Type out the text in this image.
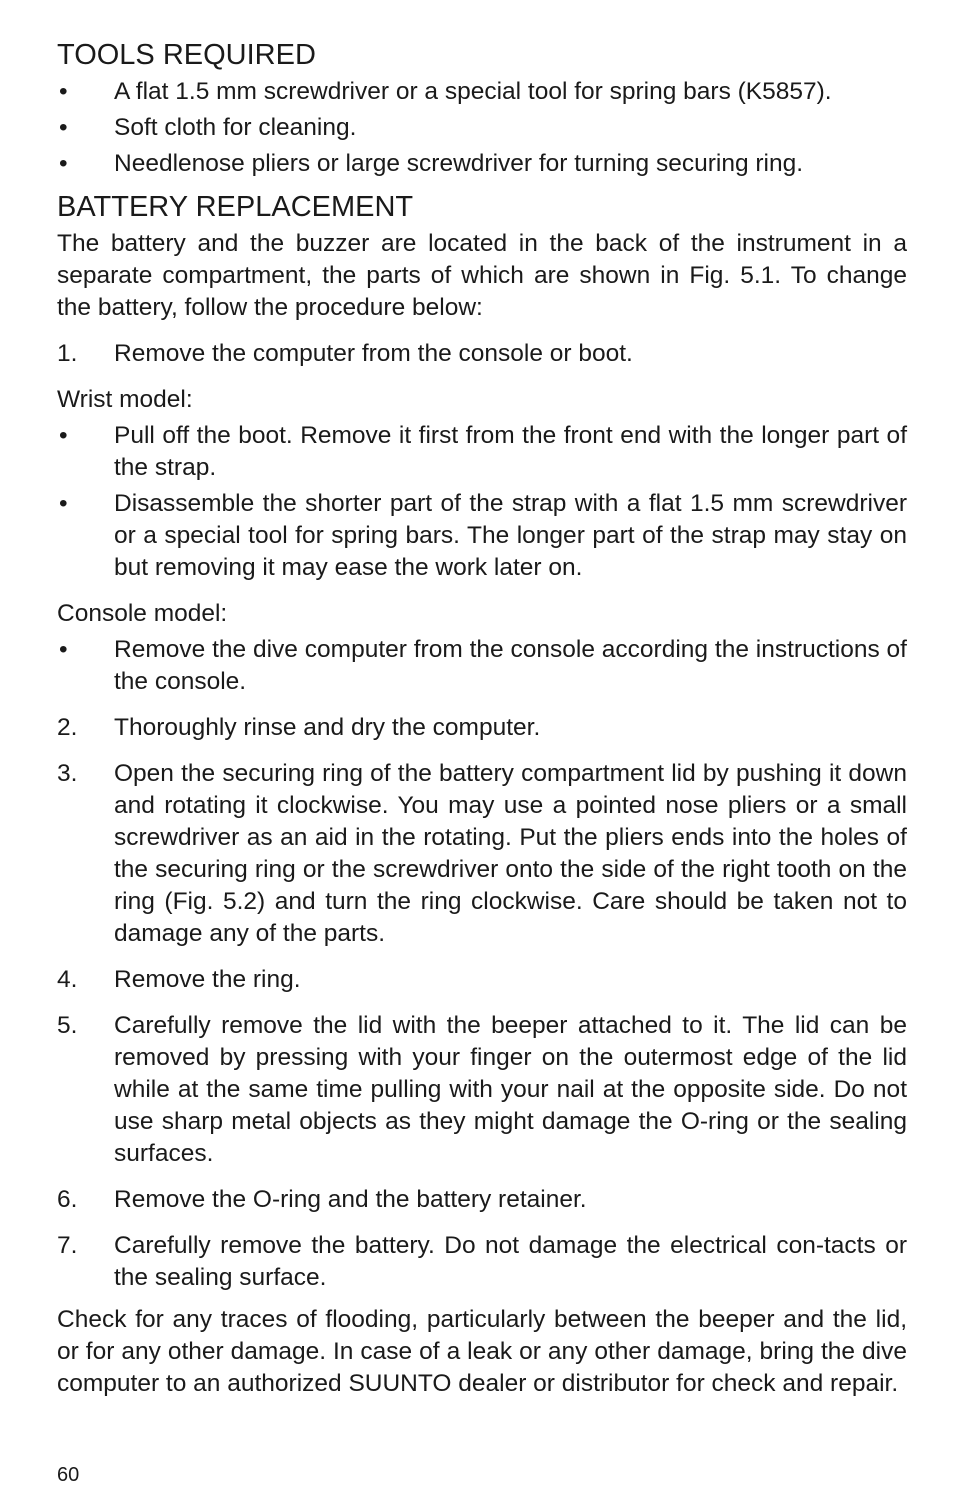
TOOLS REQUIRED
•	A flat 1.5 mm screwdriver or a special tool for spring bars (K5857).
•	Soft cloth for cleaning.
•	Needlenose pliers or large screwdriver for turning securing ring.
BATTERY REPLACEMENT

The battery and the buzzer are located in the back of the instrument in a separate compartment, the parts of which are shown in Fig. 5.1. To change the battery, follow the procedure below:

1.	Remove the computer from the console or boot.

Wrist model:

•	Pull off the boot. Remove it first from the front end with the longer part of the strap.
•	Disassemble the shorter part of the strap with a flat 1.5 mm screwdriver or a special tool for spring bars. The longer part of the strap may stay on but removing it may ease the work later on.

Console model:

•	Remove the dive computer from the console according the instructions of the console.
2.	Thoroughly rinse and dry the computer.
3.	Open the securing ring of the battery compartment lid by pushing it down and rotating it clockwise. You may use a pointed nose pliers or a small screwdriver as an aid in the rotating. Put the pliers ends into the holes of the securing ring or the screwdriver onto the side of the right tooth on the ring (Fig. 5.2) and turn the ring clockwise. Care should be taken not to damage any of the parts.
4.	Remove the ring.
5.	Carefully remove the lid with the beeper attached to it. The lid can be removed by pressing with your finger on the outermost edge of the lid while at the same time pulling with your nail at the opposite side. Do not use sharp metal objects as they might damage the O-ring or the sealing surfaces.
6.	Remove the O-ring and the battery retainer.
7.	Carefully remove the battery. Do not damage the electrical con-tacts or the sealing surface.

Check for any traces of flooding, particularly between the beeper and the lid, or for any other damage. In case of a leak or any other damage, bring the dive computer to an authorized SUUNTO dealer or distributor for check and repair.

60
